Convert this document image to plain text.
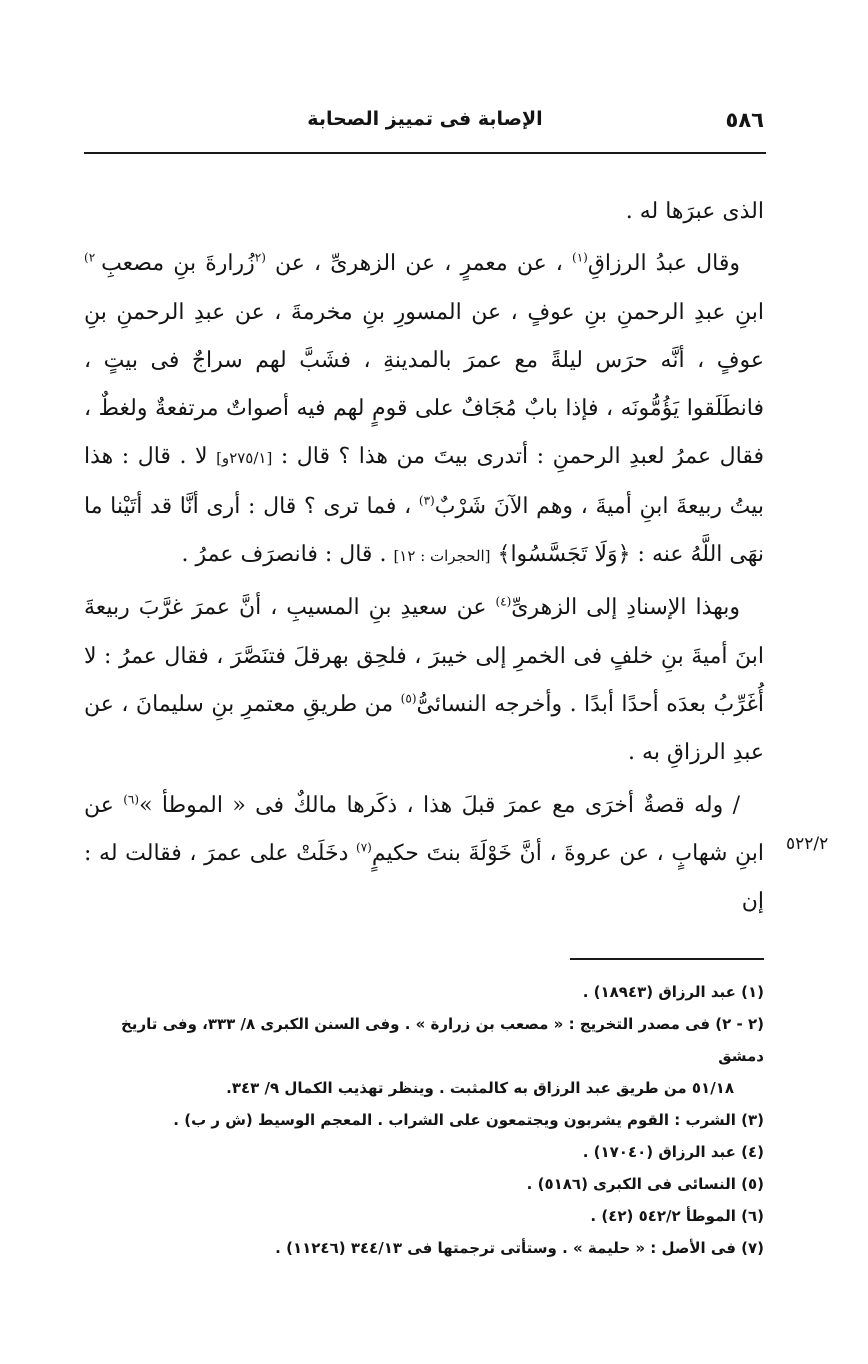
٥٨٦
الإصابة فى تمييز الصحابة

الذى عبرَها له .

وقال عبدُ الرزاقِ$^{(١)}$ ، عن معمرٍ ، عن الزهرىِّ ، عن $^{(٢}$زُرارةَ بنِ مصعبِ $^{٢)}$ ابنِ عبدِ الرحمنِ بنِ عوفٍ ، عن المسورِ بنِ مخرمةَ ، عن عبدِ الرحمنِ بنِ عوفٍ ، أنَّه حرَس ليلةً مع عمرَ بالمدينةِ ، فشَبَّ لهم سراجٌ فى بيتٍ ، فانطَلَقوا يَؤُمُّونَه ، فإذا بابٌ مُجَافٌ على قومٍ لهم فيه أصواتٌ مرتفعةٌ ولغطٌ ، فقال عمرُ لعبدِ الرحمنِ : أتدرى بيتَ من هذا ؟ قال : [٢٧٥/١و] لا . قال : هذا بيتُ ربيعةَ ابنِ أميةَ ، وهم الآنَ شَرْبٌ$^{(٣)}$ ، فما ترى ؟ قال : أرى أنَّا قد أتَيْنا ما نهَى اللَّهُ عنه : ﴿وَلَا تَجَسَّسُوا﴾ [الحجرات : ١٢] . قال : فانصرَف عمرُ .

وبهذا الإسنادِ إلى الزهرىِّ$^{(٤)}$ عن سعيدِ بنِ المسيبِ ، أنَّ عمرَ غرَّبَ ربيعةَ ابنَ أميةَ بنِ خلفٍ فى الخمرِ إلى خيبرَ ، فلحِق بهرقلَ فتنَصَّرَ ، فقال عمرُ : لا أُغَرِّبُ بعدَه أحدًا أبدًا . وأخرجه النسائىُّ$^{(٥)}$ من طريقِ معتمرِ بنِ سليمانَ ، عن عبدِ الرزاقِ به .

/ وله قصةٌ أخرَى مع عمرَ قبلَ هذا ، ذكَرها مالكٌ فى « الموطأ »$^{(٦)}$ عن ابنِ شهابٍ ، عن عروةَ ، أنَّ خَوْلَةَ بنتَ حكيمٍ$^{(٧)}$ دخَلَتْ على عمرَ ، فقالت له : إن

٥٢٢/٢

(١) عبد الرزاق (١٨٩٤٣) .

(٢ - ٢) فى مصدر التخريج : « مصعب بن زرارة » . وفى السنن الكبرى ٨/ ٣٣٣، وفى تاريخ دمشق

٥١/١٨ من طريق عبد الرزاق به كالمثبت . وينظر تهذيب الكمال ٩/ ٣٤٣.

(٣) الشرب : القوم يشربون ويجتمعون على الشراب . المعجم الوسيط (ش ر ب) .

(٤) عبد الرزاق (١٧٠٤٠) .

(٥) النسائى فى الكبرى (٥١٨٦) .

(٦) الموطأ ٥٤٢/٢ (٤٢) .

(٧) فى الأصل : « حليمة » . وستأتى ترجمتها فى ٣٤٤/١٣ (١١٢٤٦) .
